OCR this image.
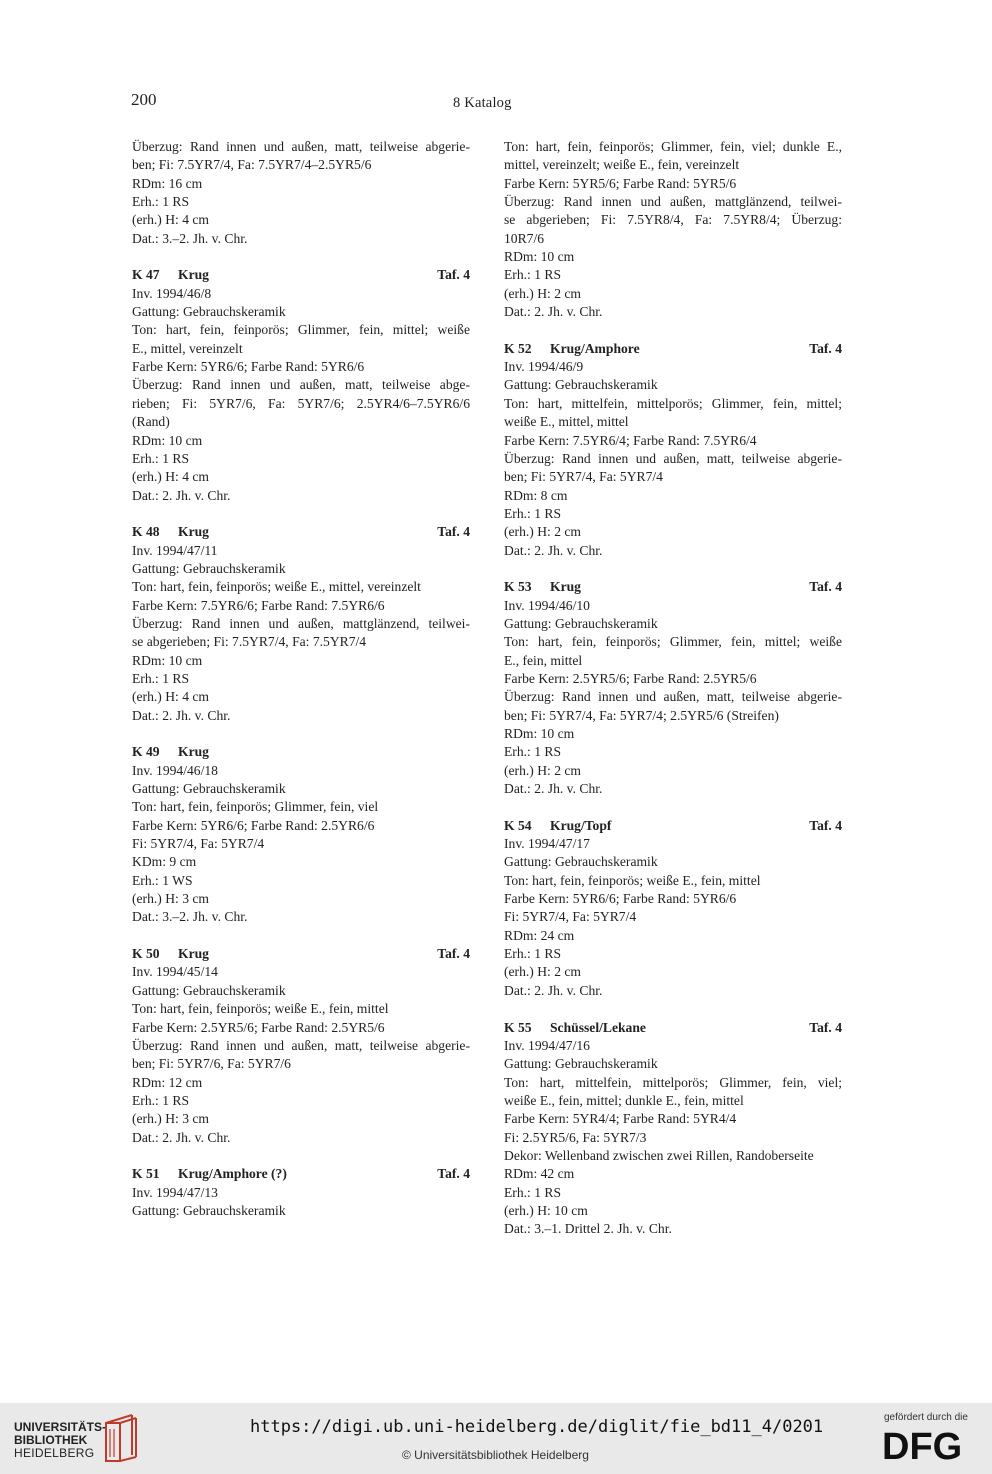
200	8 Katalog
Überzug: Rand innen und außen, matt, teilweise abgerie-
ben; Fi: 7.5YR7/4, Fa: 7.5YR7/4–2.5YR5/6
RDm: 16 cm
Erh.: 1 RS
(erh.) H: 4 cm
Dat.: 3.–2. Jh. v. Chr.
K 47	Krug	Taf. 4
Inv. 1994/46/8
Gattung: Gebrauchskeramik
Ton: hart, fein, feinporös; Glimmer, fein, mittel; weiße
E., mittel, vereinzelt
Farbe Kern: 5YR6/6; Farbe Rand: 5YR6/6
Überzug: Rand innen und außen, matt, teilweise abge-
rieben; Fi: 5YR7/6, Fa: 5YR7/6; 2.5YR4/6–7.5YR6/6
(Rand)
RDm: 10 cm
Erh.: 1 RS
(erh.) H: 4 cm
Dat.: 2. Jh. v. Chr.
K 48	Krug	Taf. 4
Inv. 1994/47/11
Gattung: Gebrauchskeramik
Ton: hart, fein, feinporös; weiße E., mittel, vereinzelt
Farbe Kern: 7.5YR6/6; Farbe Rand: 7.5YR6/6
Überzug: Rand innen und außen, mattglänzend, teilwei-
se abgerieben; Fi: 7.5YR7/4, Fa: 7.5YR7/4
RDm: 10 cm
Erh.: 1 RS
(erh.) H: 4 cm
Dat.: 2. Jh. v. Chr.
K 49	Krug
Inv. 1994/46/18
Gattung: Gebrauchskeramik
Ton: hart, fein, feinporös; Glimmer, fein, viel
Farbe Kern: 5YR6/6; Farbe Rand: 2.5YR6/6
Fi: 5YR7/4, Fa: 5YR7/4
KDm: 9 cm
Erh.: 1 WS
(erh.) H: 3 cm
Dat.: 3.–2. Jh. v. Chr.
K 50	Krug	Taf. 4
Inv. 1994/45/14
Gattung: Gebrauchskeramik
Ton: hart, fein, feinporös; weiße E., fein, mittel
Farbe Kern: 2.5YR5/6; Farbe Rand: 2.5YR5/6
Überzug: Rand innen und außen, matt, teilweise abgerie-
ben; Fi: 5YR7/6, Fa: 5YR7/6
RDm: 12 cm
Erh.: 1 RS
(erh.) H: 3 cm
Dat.: 2. Jh. v. Chr.
K 51	Krug/Amphore (?)	Taf. 4
Inv. 1994/47/13
Gattung: Gebrauchskeramik
Ton: hart, fein, feinporös; Glimmer, fein, viel; dunkle E.,
mittel, vereinzelt; weiße E., fein, vereinzelt
Farbe Kern: 5YR5/6; Farbe Rand: 5YR5/6
Überzug: Rand innen und außen, mattglänzend, teilwei-
se abgerieben; Fi: 7.5YR8/4, Fa: 7.5YR8/4; Überzug:
10R7/6
RDm: 10 cm
Erh.: 1 RS
(erh.) H: 2 cm
Dat.: 2. Jh. v. Chr.
K 52	Krug/Amphore	Taf. 4
Inv. 1994/46/9
Gattung: Gebrauchskeramik
Ton: hart, mittelfein, mittelporös; Glimmer, fein, mittel;
weiße E., mittel, mittel
Farbe Kern: 7.5YR6/4; Farbe Rand: 7.5YR6/4
Überzug: Rand innen und außen, matt, teilweise abgerie-
ben; Fi: 5YR7/4, Fa: 5YR7/4
RDm: 8 cm
Erh.: 1 RS
(erh.) H: 2 cm
Dat.: 2. Jh. v. Chr.
K 53	Krug	Taf. 4
Inv. 1994/46/10
Gattung: Gebrauchskeramik
Ton: hart, fein, feinporös; Glimmer, fein, mittel; weiße
E., fein, mittel
Farbe Kern: 2.5YR5/6; Farbe Rand: 2.5YR5/6
Überzug: Rand innen und außen, matt, teilweise abgerie-
ben; Fi: 5YR7/4, Fa: 5YR7/4; 2.5YR5/6 (Streifen)
RDm: 10 cm
Erh.: 1 RS
(erh.) H: 2 cm
Dat.: 2. Jh. v. Chr.
K 54	Krug/Topf	Taf. 4
Inv. 1994/47/17
Gattung: Gebrauchskeramik
Ton: hart, fein, feinporös; weiße E., fein, mittel
Farbe Kern: 5YR6/6; Farbe Rand: 5YR6/6
Fi: 5YR7/4, Fa: 5YR7/4
RDm: 24 cm
Erh.: 1 RS
(erh.) H: 2 cm
Dat.: 2. Jh. v. Chr.
K 55	Schüssel/Lekane	Taf. 4
Inv. 1994/47/16
Gattung: Gebrauchskeramik
Ton: hart, mittelfein, mittelporös; Glimmer, fein, viel;
weiße E., fein, mittel; dunkle E., fein, mittel
Farbe Kern: 5YR4/4; Farbe Rand: 5YR4/4
Fi: 2.5YR5/6, Fa: 5YR7/3
Dekor: Wellenband zwischen zwei Rillen, Randoberseite
RDm: 42 cm
Erh.: 1 RS
(erh.) H: 10 cm
Dat.: 3.–1. Drittel 2. Jh. v. Chr.
UNIVERSITÄTS-
BIBLIOTHEK
HEIDELBERG
https://digi.ub.uni-heidelberg.de/diglit/fie_bd11_4/0201
© Universitätsbibliothek Heidelberg
gefördert durch die
DFG
